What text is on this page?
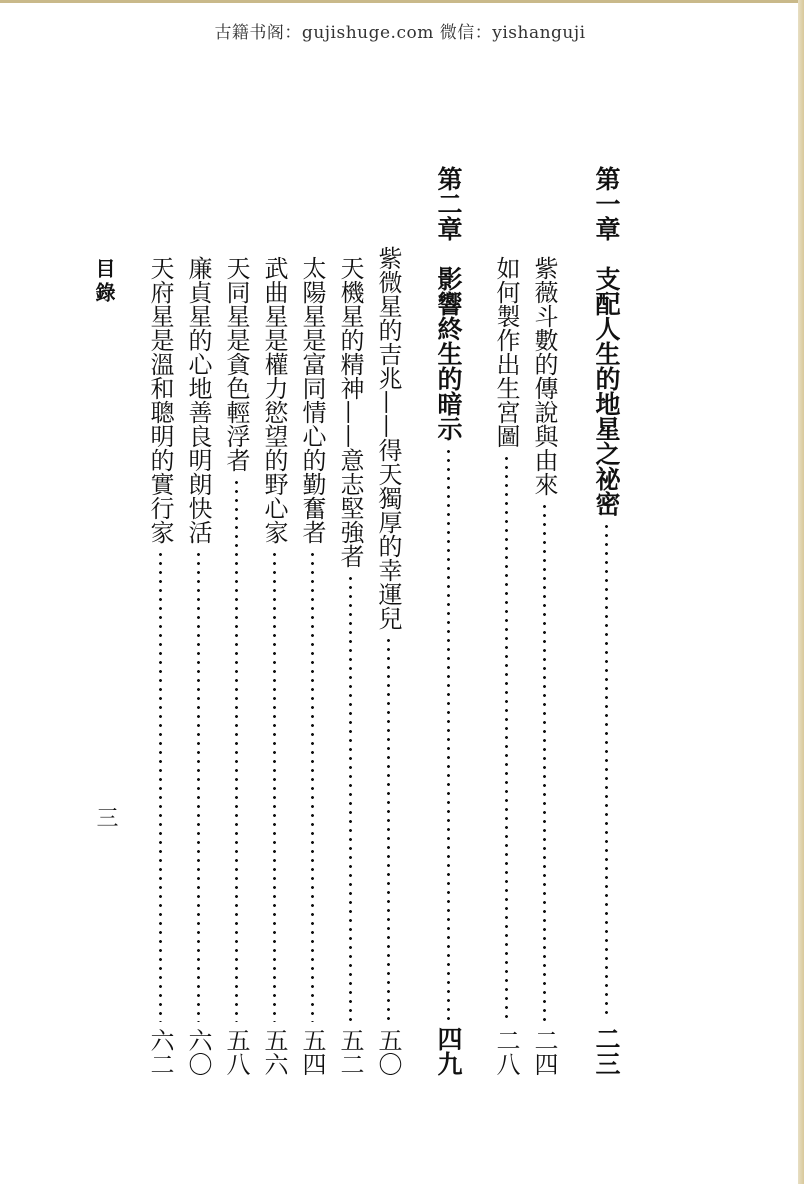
古籍书阁：gujishuge.com 微信：yishanguji
第一章　支配人生的地星之祕密
二三
紫薇斗數的傳說與由來
二四
如何製作出生宮圖
二八
第二章　影響終生的暗示
四九
紫微星的吉兆——得天獨厚的幸運兒
五〇
天機星的精神——意志堅強者
五二
太陽星是富同情心的勤奮者
五四
武曲星是權力慾望的野心家
五六
天同星是貪色輕浮者
五八
廉貞星的心地善良明朗快活
六〇
天府星是溫和聰明的實行家
六二
目錄
三
